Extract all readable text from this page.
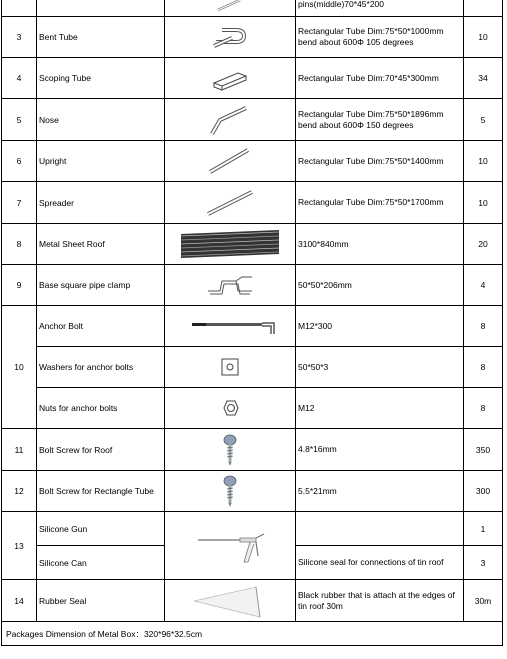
	pins(middle)70*45*200	
3	Bent Tube		Rectangular Tube Dim:75*50*1000mm bend about 600Φ 105 degrees	10
4	Scoping Tube		Rectangular Tube Dim:70*45*300mm	34
5	Nose		Rectangular Tube Dim:75*50*1896mm bend about 600Φ 150 degrees	5
6	Upright		Rectangular Tube Dim:75*50*1400mm	10
7	Spreader		Rectangular Tube Dim:75*50*1700mm	10
8	Metal Sheet Roof		3100*840mm	20
9	Base square pipe clamp		50*50*206mm	4
10	Anchor Bolt		M12*300	8
	Washers for anchor bolts		50*50*3	8
	Nuts for anchor bolts		M12	8
11	Bolt Screw for Roof		4.8*16mm	350
12	Bolt Screw for Rectangle Tube		5.5*21mm	300
13	Silicone Gun			1
	Silicone Can		Silicone seal for connections of tin roof	3
14	Rubber Seal		Black rubber that is attach at the edges of tin roof 30m	30m
Packages Dimension of Metal Box：320*96*32.5cm				
